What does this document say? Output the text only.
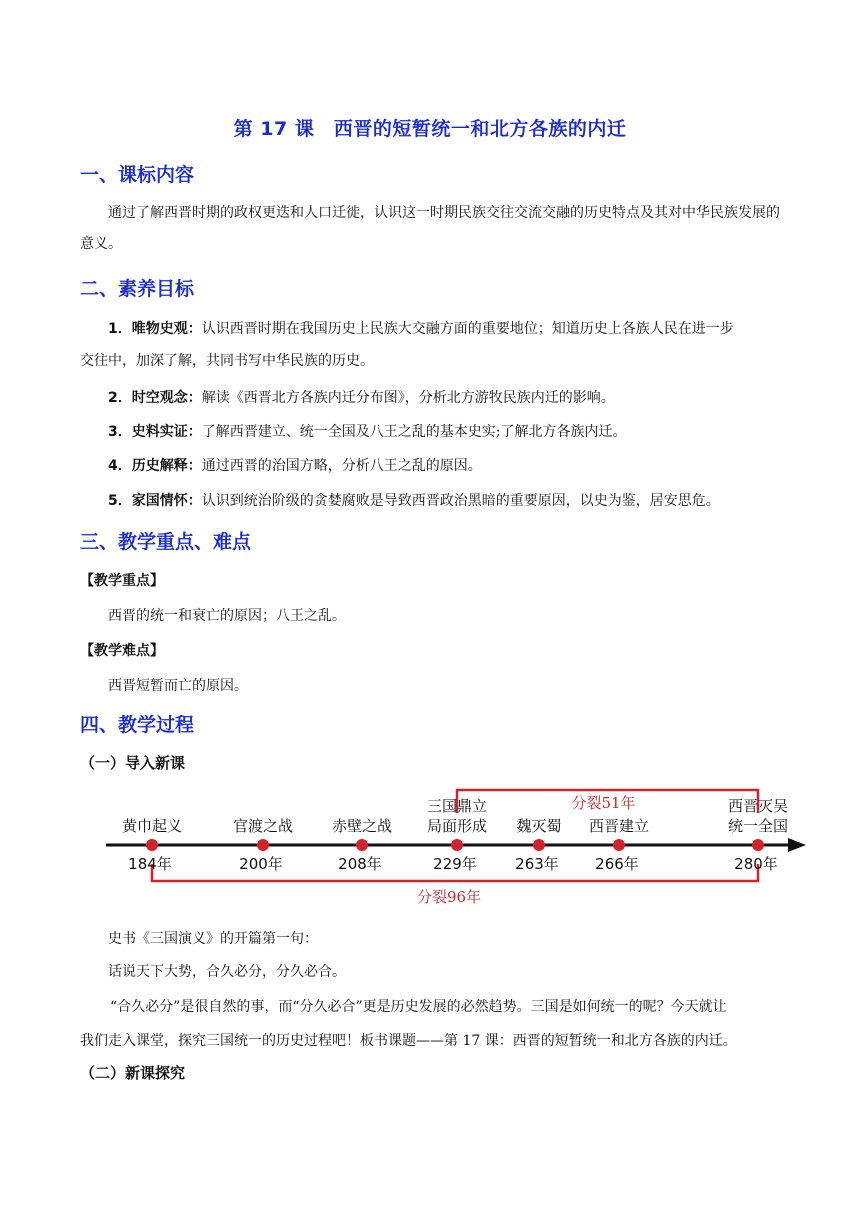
第 17 课　西晋的短暂统一和北方各族的内迁
一、课标内容
通过了解西晋时期的政权更迭和人口迁徙，认识这一时期民族交往交流交融的历史特点及其对中华民族发展的意义。
二、素养目标
1．唯物史观：认识西晋时期在我国历史上民族大交融方面的重要地位；知道历史上各族人民在进一步
交往中，加深了解，共同书写中华民族的历史。
2．时空观念：解读《西晋北方各族内迁分布图》，分析北方游牧民族内迁的影响。
3．史料实证：了解西晋建立、统一全国及八王之乱的基本史实;了解北方各族内迁。
4．历史解释：通过西晋的治国方略，分析八王之乱的原因。
5．家国情怀：认识到统治阶级的贪婪腐败是导致西晋政治黑暗的重要原因，以史为鉴，居安思危。
三、教学重点、难点
【教学重点】
西晋的统一和衰亡的原因；八王之乱。
【教学难点】
西晋短暂而亡的原因。
四、教学过程
（一）导入新课
分裂51年
分裂96年
184年
黄巾起义
200年
官渡之战
208年
赤壁之战
229年
三国鼎立
局面形成
263年
魏灭蜀
266年
西晋建立
280年
西晋灭吴
统一全国
史书《三国演义》的开篇第一句：
话说天下大势，合久必分，分久必合。
“合久必分”是很自然的事，而“分久必合”更是历史发展的必然趋势。三国是如何统一的呢？今天就让
我们走入课堂，探究三国统一的历史过程吧！板书课题——第 17 课：西晋的短暂统一和北方各族的内迁。
（二）新课探究
